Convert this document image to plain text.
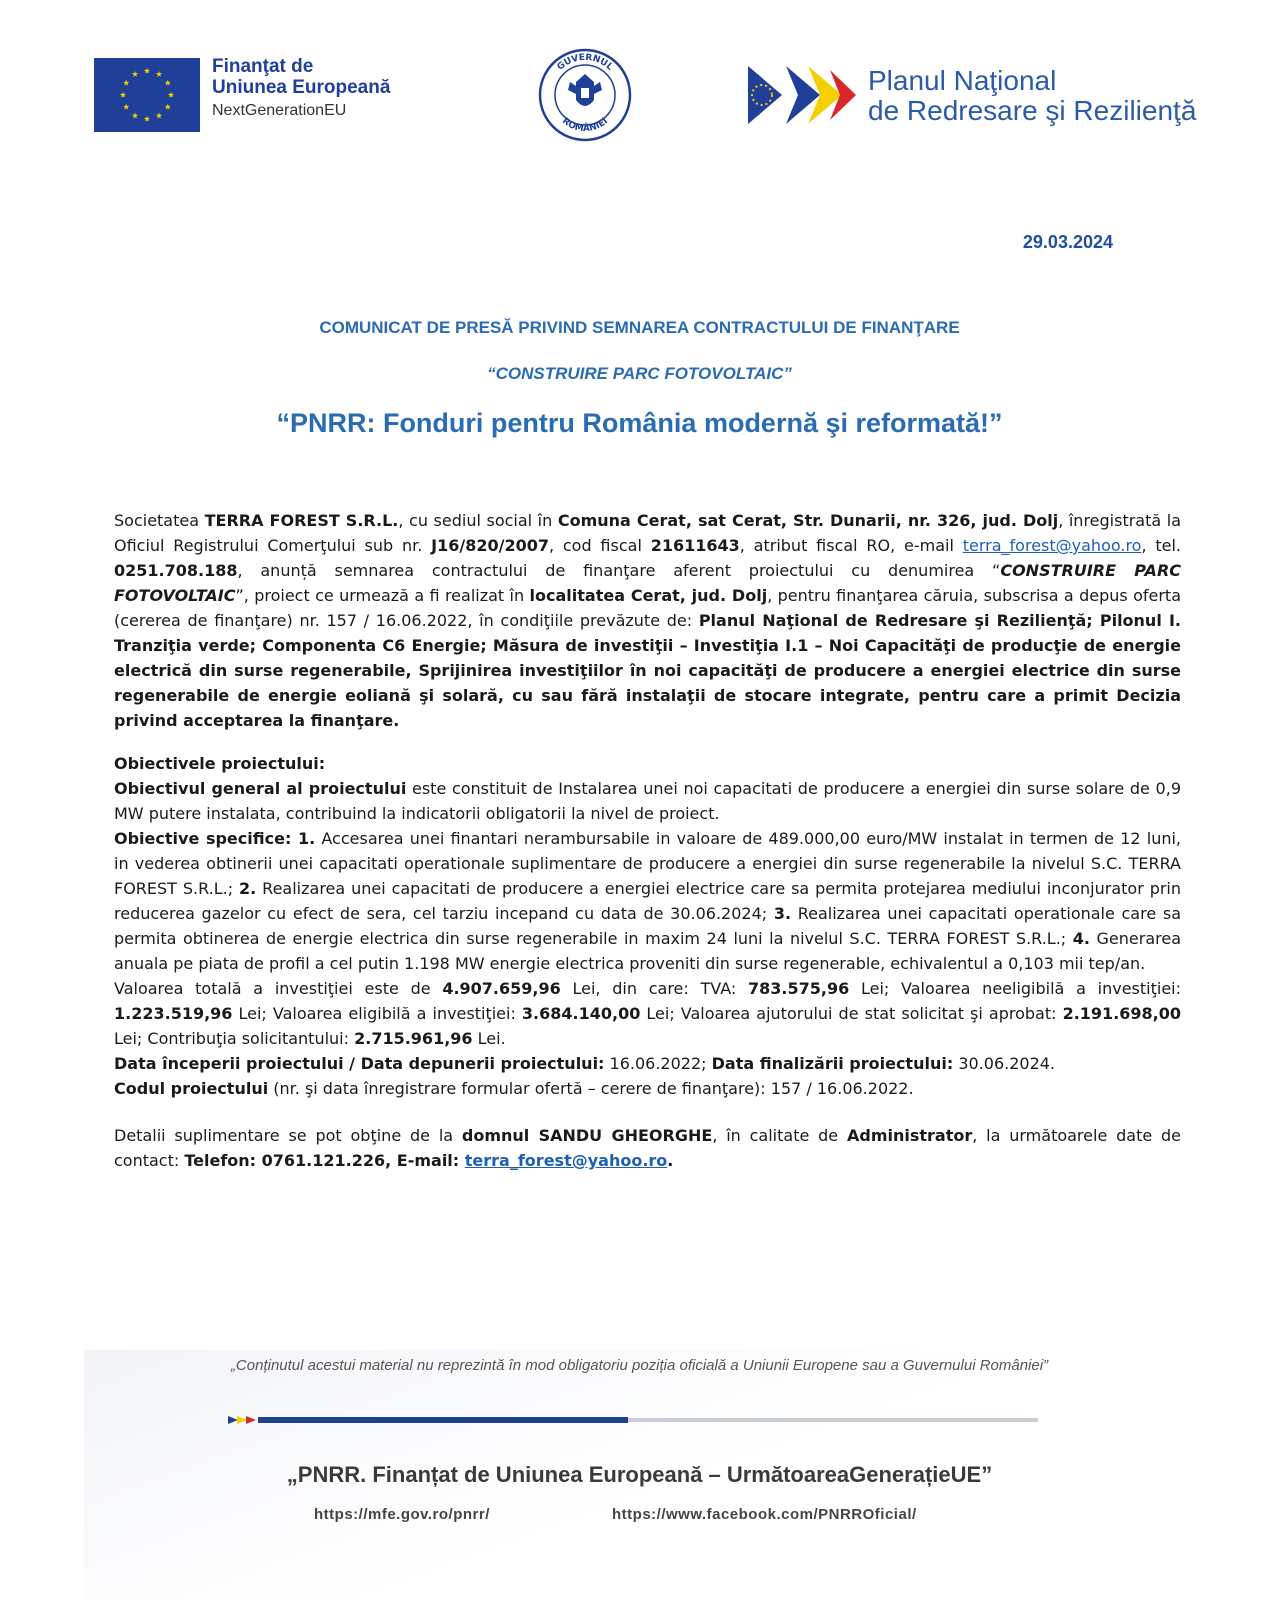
Finanţat de
Uniunea Europeană
NextGenerationEU
GUVERNUL
ROMÂNIEI
Planul Naţional
de Redresare şi Rezilienţă
29.03.2024
COMUNICAT DE PRESĂ PRIVIND SEMNAREA CONTRACTULUI DE FINANŢARE
“CONSTRUIRE PARC FOTOVOLTAIC”
“PNRR: Fonduri pentru România modernă şi reformată!”

Societatea TERRA FOREST S.R.L., cu sediul social în Comuna Cerat, sat Cerat, Str. Dunarii, nr. 326, jud. Dolj, înregistrată la Oficiul Registrului Comerţului sub nr. J16/820/2007, cod fiscal 21611643, atribut fiscal RO, e-mail terra_forest@yahoo.ro, tel. 0251.708.188, anunță semnarea contractului de finanţare aferent proiectului cu denumirea “CONSTRUIRE PARC FOTOVOLTAIC”, proiect ce urmează a fi realizat în localitatea Cerat, jud. Dolj, pentru finanţarea căruia, subscrisa a depus oferta (cererea de finanţare) nr. 157 / 16.06.2022, în condiţiile prevăzute de: Planul Naţional de Redresare şi Rezilienţă; Pilonul I. Tranziţia verde; Componenta C6 Energie; Măsura de investiţii – Investiţia I.1 – Noi Capacităţi de producţie de energie electrică din surse regenerabile, Sprijinirea investiţiilor în noi capacităţi de producere a energiei electrice din surse regenerabile de energie eoliană şi solară, cu sau fără instalaţii de stocare integrate, pentru care a primit Decizia privind acceptarea la finanţare.

Obiectivele proiectului:

Obiectivul general al proiectului este constituit de Instalarea unei noi capacitati de producere a energiei din surse solare de 0,9 MW putere instalata, contribuind la indicatorii obligatorii la nivel de proiect.

Obiective specifice: 1. Accesarea unei finantari nerambursabile in valoare de 489.000,00 euro/MW instalat in termen de 12 luni, in vederea obtinerii unei capacitati operationale suplimentare de producere a energiei din surse regenerabile la nivelul S.C. TERRA FOREST S.R.L.; 2. Realizarea unei capacitati de producere a energiei electrice care sa permita protejarea mediului inconjurator prin reducerea gazelor cu efect de sera, cel tarziu incepand cu data de 30.06.2024; 3. Realizarea unei capacitati operationale care sa permita obtinerea de energie electrica din surse regenerabile in maxim 24 luni la nivelul S.C. TERRA FOREST S.R.L.; 4. Generarea anuala pe piata de profil a cel putin 1.198 MW energie electrica proveniti din surse regenerable, echivalentul a 0,103 mii tep/an.

Valoarea totală a investiţiei este de 4.907.659,96 Lei, din care: TVA: 783.575,96 Lei; Valoarea neeligibilă a investiţiei: 1.223.519,96 Lei; Valoarea eligibilă a investiţiei: 3.684.140,00 Lei; Valoarea ajutorului de stat solicitat şi aprobat: 2.191.698,00 Lei; Contribuţia solicitantului: 2.715.961,96 Lei.

Data începerii proiectului / Data depunerii proiectului: 16.06.2022; Data finalizării proiectului: 30.06.2024.

Codul proiectului (nr. şi data înregistrare formular ofertă – cerere de finanţare): 157 / 16.06.2022.

Detalii suplimentare se pot obţine de la domnul SANDU GHEORGHE, în calitate de Administrator, la următoarele date de contact: Telefon: 0761.121.226, E-mail: terra_forest@yahoo.ro.

„Conținutul acestui material nu reprezintă în mod obligatoriu poziția oficială a Uniunii Europene sau a Guvernului României”
„PNRR. Finanțat de Uniunea Europeană – UrmătoareaGenerațieUE”
https://mfe.gov.ro/pnrr/	https://www.facebook.com/PNRROficial/
